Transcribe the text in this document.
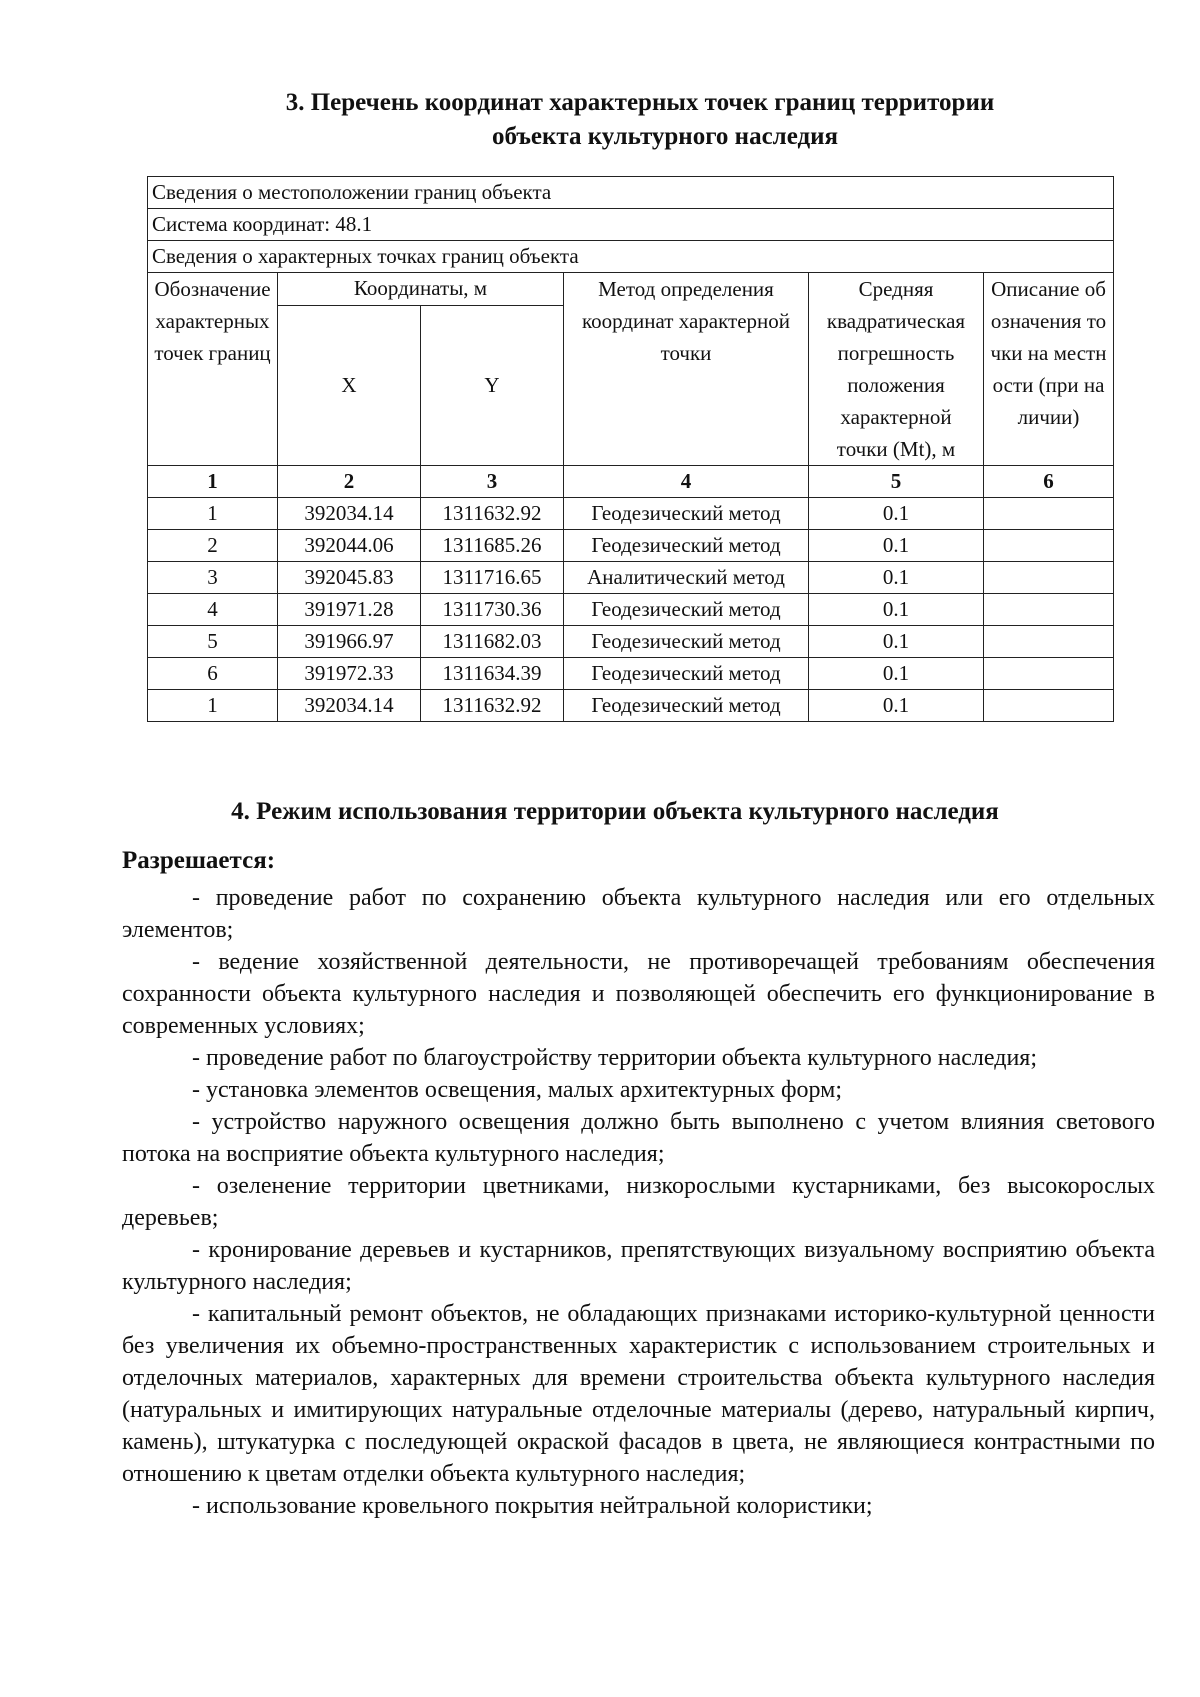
3. Перечень координат характерных точек границ территории
объекта культурного наследия
Сведения о местоположении границ объекта					
Система координат: 48.1					
Сведения о характерных точках границ объекта					
Обозначение характерных точек границ	Координаты, м		Метод определения координат характерной точки	Средняя квадратическая погрешность положения характерной точки (Mt), м	Описание обозначения точки на местности (при наличии)
	X	Y			
1	2	3	4	5	6
1	392034.14	1311632.92	Геодезический метод	0.1	
2	392044.06	1311685.26	Геодезический метод	0.1	
3	392045.83	1311716.65	Аналитический метод	0.1	
4	391971.28	1311730.36	Геодезический метод	0.1	
5	391966.97	1311682.03	Геодезический метод	0.1	
6	391972.33	1311634.39	Геодезический метод	0.1	
1	392034.14	1311632.92	Геодезический метод	0.1	
4. Режим использования территории объекта культурного наследия
Разрешается:

- проведение работ по сохранению объекта культурного наследия или его отдельных элементов;

- ведение хозяйственной деятельности, не противоречащей требованиям обеспечения сохранности объекта культурного наследия и позволяющей обеспечить его функционирование в современных условиях;

- проведение работ по благоустройству территории объекта культурного наследия;

- установка элементов освещения, малых архитектурных форм;

- устройство наружного освещения должно быть выполнено с учетом влияния светового потока на восприятие объекта культурного наследия;

- озеленение территории цветниками, низкорослыми кустарниками, без высокорослых деревьев;

- кронирование деревьев и кустарников, препятствующих визуальному восприятию объекта культурного наследия;

- капитальный ремонт объектов, не обладающих признаками историко-культурной ценности без увеличения их объемно-пространственных характеристик с использованием строительных и отделочных материалов, характерных для времени строительства объекта культурного наследия (натуральных и имитирующих натуральные отделочные материалы (дерево, натуральный кирпич, камень), штукатурка с последующей окраской фасадов в цвета, не являющиеся контрастными по отношению к цветам отделки объекта культурного наследия;

- использование кровельного покрытия нейтральной колористики;
